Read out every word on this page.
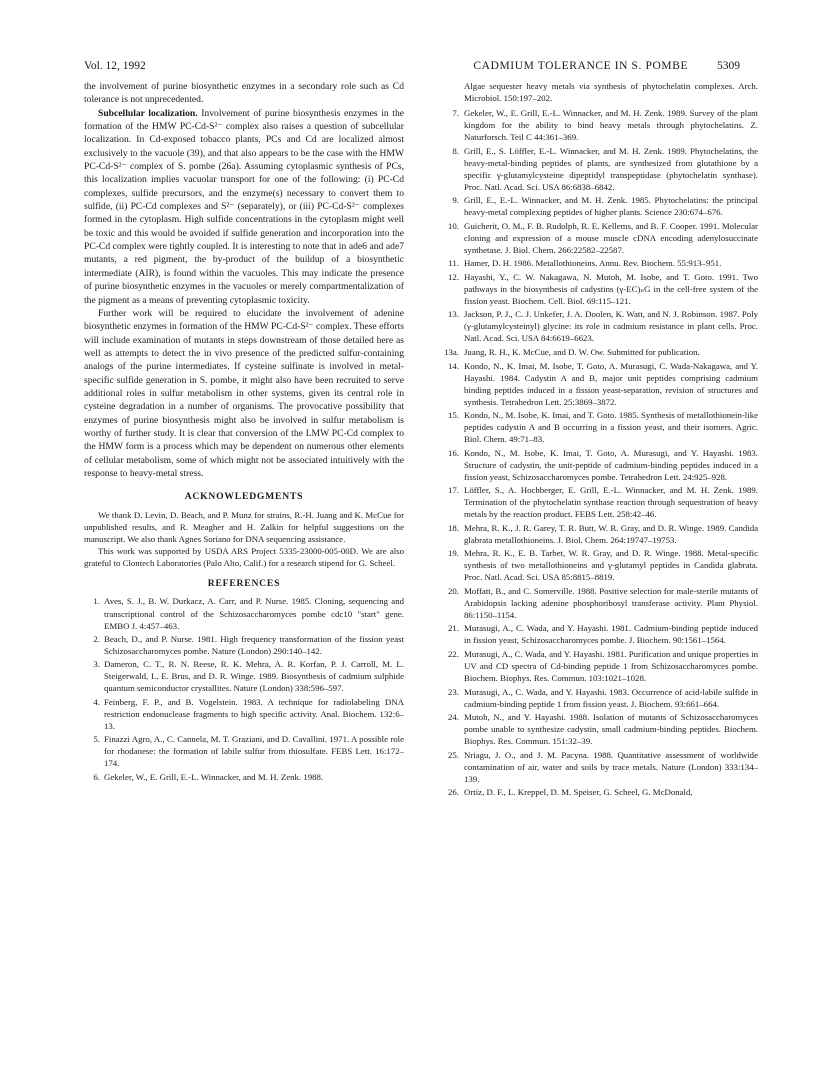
Vol. 12, 1992	CADMIUM TOLERANCE IN S. POMBE	5309

the involvement of purine biosynthetic enzymes in a secondary role such as Cd tolerance is not unprecedented.

Subcellular localization. Involvement of purine biosynthesis enzymes in the formation of the HMW PC-Cd-S²⁻ complex also raises a question of subcellular localization. In Cd-exposed tobacco plants, PCs and Cd are localized almost exclusively to the vacuole (39), and that also appears to be the case with the HMW PC-Cd-S²⁻ complex of S. pombe (26a). Assuming cytoplasmic synthesis of PCs, this localization implies vacuolar transport for one of the following: (i) PC-Cd complexes, sulfide precursors, and the enzyme(s) necessary to convert them to sulfide, (ii) PC-Cd complexes and S²⁻ (separately), or (iii) PC-Cd-S²⁻ complexes formed in the cytoplasm. High sulfide concentrations in the cytoplasm might well be toxic and this would be avoided if sulfide generation and incorporation into the PC-Cd complex were tightly coupled. It is interesting to note that in ade6 and ade7 mutants, a red pigment, the by-product of the buildup of a biosynthetic intermediate (AIR), is found within the vacuoles. This may indicate the presence of purine biosynthetic enzymes in the vacuoles or merely compartmentalization of the pigment as a means of preventing cytoplasmic toxicity.

Further work will be required to elucidate the involvement of adenine biosynthetic enzymes in formation of the HMW PC-Cd-S²⁻ complex. These efforts will include examination of mutants in steps downstream of those detailed here as well as attempts to detect the in vivo presence of the predicted sulfur-containing analogs of the purine intermediates. If cysteine sulfinate is involved in metal-specific sulfide generation in S. pombe, it might also have been recruited to serve additional roles in sulfur metabolism in other systems, given its central role in cysteine degradation in a number of organisms. The provocative possibility that enzymes of purine biosynthesis might also be involved in sulfur metabolism is worthy of further study. It is clear that conversion of the LMW PC-Cd complex to the HMW form is a process which may be dependent on numerous other elements of cellular metabolism, some of which might not be associated intuitively with the response to heavy-metal stress.

ACKNOWLEDGMENTS

We thank D. Levin, D. Beach, and P. Munz for strains, R.-H. Juang and K. McCue for unpublished results, and R. Meagher and H. Zalkin for helpful suggestions on the manuscript. We also thank Agnes Soriano for DNA sequencing assistance.

This work was supported by USDA ARS Project 5335-23000-005-00D. We are also grateful to Clontech Laboratories (Palo Alto, Calif.) for a research stipend for G. Scheel.

REFERENCES
1. Aves, S. J., B. W. Durkacz, A. Carr, and P. Nurse. 1985. Cloning, sequencing and transcriptional control of the Schizosaccharomyces pombe cdc10 "start" gene. EMBO J. 4:457–463.
2. Beach, D., and P. Nurse. 1981. High frequency transformation of the fission yeast Schizosaccharomyces pombe. Nature (London) 290:140–142.
3. Dameron, C. T., R. N. Reese, R. K. Mehra, A. R. Korfan, P. J. Carroll, M. L. Steigerwald, L. E. Brus, and D. R. Winge. 1989. Biosynthesis of cadmium sulphide quantum semiconductor crystallites. Nature (London) 338:596–597.
4. Feinberg, F. P., and B. Vogelstein. 1983. A technique for radiolabeling DNA restriction endonuclease fragments to high specific activity. Anal. Biochem. 132:6–13.
5. Finazzi Agro, A., C. Cannela, M. T. Graziani, and D. Cavallini. 1971. A possible role for rhodanese: the formation of labile sulfur from thiosulfate. FEBS Lett. 16:172–174.
6. Gekeler, W., E. Grill, E.-L. Winnacker, and M. H. Zenk. 1988.

Algae sequester heavy metals via synthesis of phytochelatin complexes. Arch. Microbiol. 150:197–202.

7. Gekeler, W., E. Grill, E.-L. Winnacker, and M. H. Zenk. 1989. Survey of the plant kingdom for the ability to bind heavy metals through phytochelatins. Z. Naturforsch. Teil C 44:361–369.
8. Grill, E., S. Löffler, E.-L. Winnacker, and M. H. Zenk. 1989. Phytochelatins, the heavy-metal-binding peptides of plants, are synthesized from glutathione by a specific γ-glutamylcysteine dipeptidyl transpeptidase (phytochelatin synthase). Proc. Natl. Acad. Sci. USA 86:6838–6842.
9. Grill, E., E.-L. Winnacker, and M. H. Zenk. 1985. Phytochelatins: the principal heavy-metal complexing peptides of higher plants. Science 230:674–676.
10. Guicherit, O. M., F. B. Rudolph, R. E. Kellems, and B. F. Cooper. 1991. Molecular cloning and expression of a mouse muscle cDNA encoding adenylosuccinate synthetase. J. Biol. Chem. 266:22582–22587.
11. Hamer, D. H. 1986. Metallothioneins. Annu. Rev. Biochem. 55:913–951.
12. Hayashi, Y., C. W. Nakagawa, N. Mutoh, M. Isobe, and T. Goto. 1991. Two pathways in the biosynthesis of cadystins (γ-EC)ₙG in the cell-free system of the fission yeast. Biochem. Cell. Biol. 69:115–121.
13. Jackson, P. J., C. J. Unkefer, J. A. Doolen, K. Watt, and N. J. Robinson. 1987. Poly (γ-glutamylcysteinyl) glycine: its role in cadmium resistance in plant cells. Proc. Natl. Acad. Sci. USA 84:6619–6623.
13a. Juang, R. H., K. McCue, and D. W. Ow. Submitted for publication.
14. Kondo, N., K. Imai, M. Isobe, T. Goto, A. Murasugi, C. Wada-Nakagawa, and Y. Hayashi. 1984. Cadystin A and B, major unit peptides comprising cadmium binding peptides induced in a fission yeast-separation, revision of structures and synthesis. Tetrahedron Lett. 25:3869–3872.
15. Kondo, N., M. Isobe, K. Imai, and T. Goto. 1985. Synthesis of metallothionein-like peptides cadystin A and B occurring in a fission yeast, and their isomers. Agric. Biol. Chem. 49:71–83.
16. Kondo, N., M. Isobe, K. Imai, T. Goto, A. Murasugi, and Y. Hayashi. 1983. Structure of cadystin, the unit-peptide of cadmium-binding peptides induced in a fission yeast, Schizosaccharomyces pombe. Tetrahedron Lett. 24:925–928.
17. Löffler, S., A. Hochberger, E. Grill, E.-L. Winnacker, and M. H. Zenk. 1989. Termination of the phytochelatin synthase reaction through sequestration of heavy metals by the reaction product. FEBS Lett. 258:42–46.
18. Mehra, R. K., J. R. Garey, T. R. Butt, W. R. Gray, and D. R. Winge. 1989. Candida glabrata metallothioneins. J. Biol. Chem. 264:19747–19753.
19. Mehra, R. K., E. B. Tarbet, W. R. Gray, and D. R. Winge. 1988. Metal-specific synthesis of two metallothioneins and γ-glutamyl peptides in Candida glabrata. Proc. Natl. Acad. Sci. USA 85:8815–8819.
20. Moffatt, B., and C. Somerville. 1988. Positive selection for male-sterile mutants of Arabidopsis lacking adenine phosphoribosyl transferase activity. Plant Physiol. 86:1150–1154.
21. Murasugi, A., C. Wada, and Y. Hayashi. 1981. Cadmium-binding peptide induced in fission yeast, Schizosaccharomyces pombe. J. Biochem. 90:1561–1564.
22. Murasugi, A., C. Wada, and Y. Hayashi. 1981. Purification and unique properties in UV and CD spectra of Cd-binding peptide 1 from Schizosaccharomyces pombe. Biochem. Biophys. Res. Commun. 103:1021–1028.
23. Murasugi, A., C. Wada, and Y. Hayashi. 1983. Occurrence of acid-labile sulfide in cadmium-binding peptide 1 from fission yeast. J. Biochem. 93:661–664.
24. Mutoh, N., and Y. Hayashi. 1988. Isolation of mutants of Schizosaccharomyces pombe unable to synthesize cadystin, small cadmium-binding peptides. Biochem. Biophys. Res. Commun. 151:32–39.
25. Nriagu, J. O., and J. M. Pacyna. 1988. Quantitative assessment of worldwide contamination of air, water and soils by trace metals. Nature (London) 333:134–139.
26. Ortiz, D. F., L. Kreppel, D. M. Speiser, G. Scheel, G. McDonald,
